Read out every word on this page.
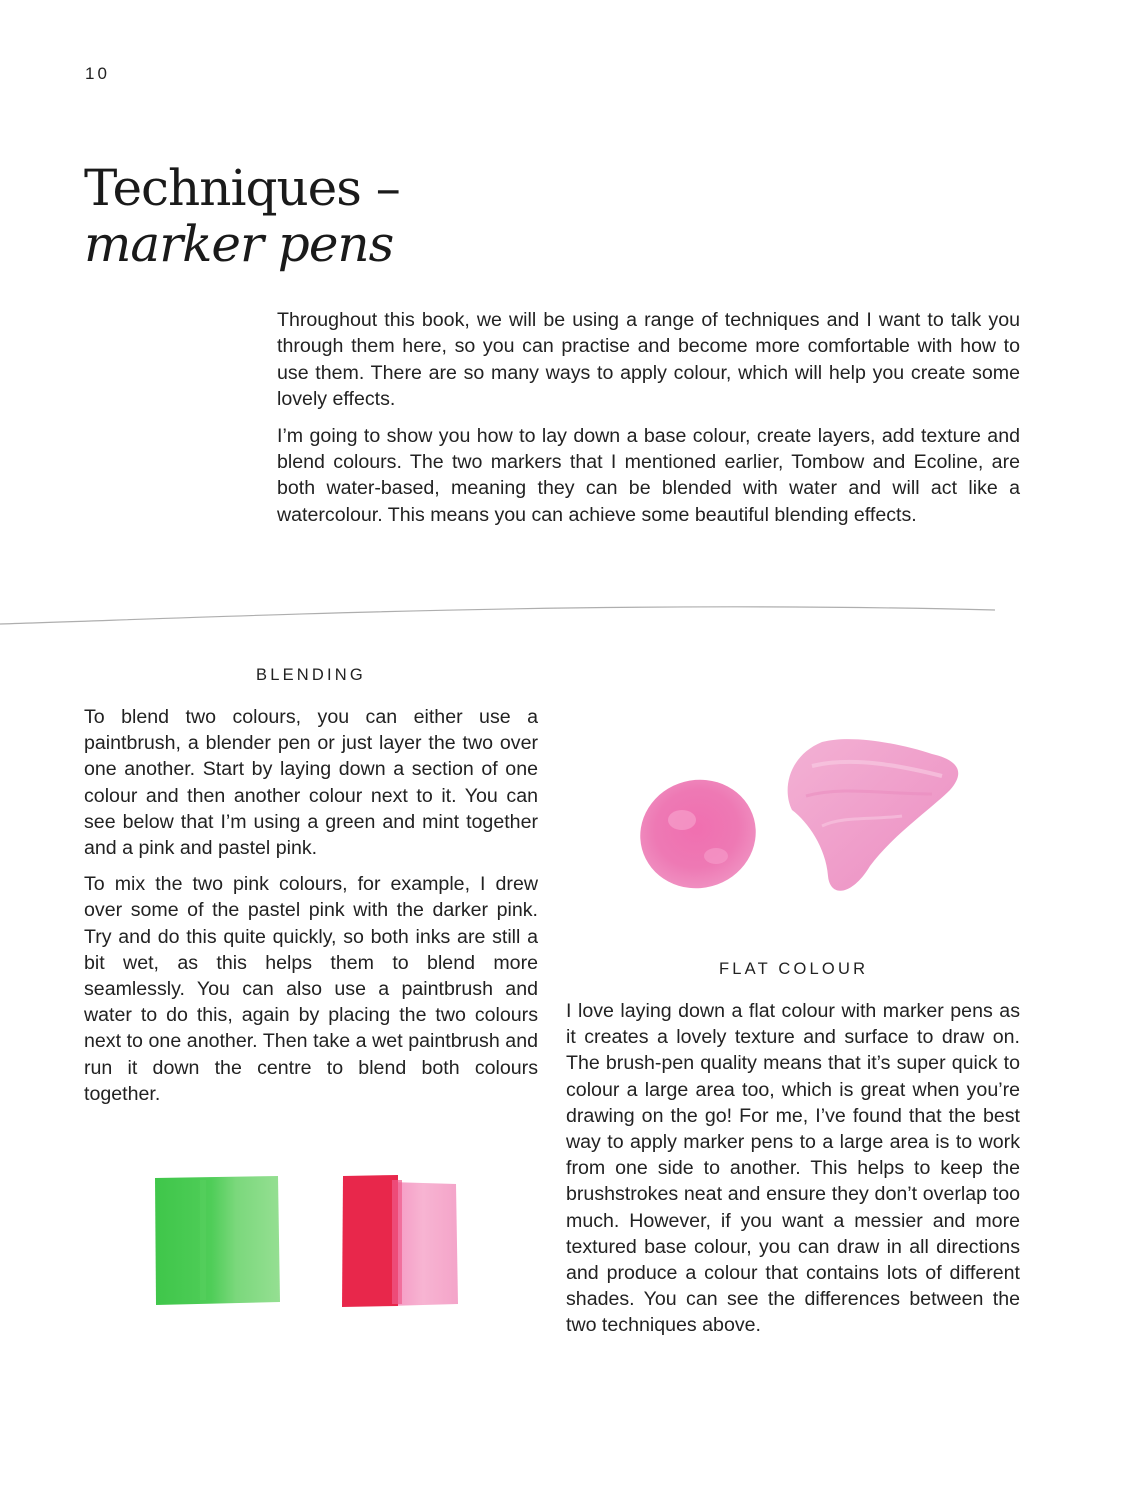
10
Techniques –
marker pens

Throughout this book, we will be using a range of techniques and I want to talk you through them here, so you can practise and become more comfortable with how to use them. There are so many ways to apply colour, which will help you create some lovely effects.

I’m going to show you how to lay down a base colour, create layers, add texture and blend colours. The two markers that I mentioned earlier, Tombow and Ecoline, are both water-based, meaning they can be blended with water and will act like a watercolour. This means you can achieve some beautiful blending effects.

BLENDING

To blend two colours, you can either use a paintbrush, a blender pen or just layer the two over one another. Start by laying down a section of one colour and then another colour next to it. You can see below that I’m using a green and mint together and a pink and pastel pink.

To mix the two pink colours, for example, I drew over some of the pastel pink with the darker pink. Try and do this quite quickly, so both inks are still a bit wet, as this helps them to blend more seamlessly. You can also use a paintbrush and water to do this, again by placing the two colours next to one another. Then take a wet paintbrush and run it down the centre to blend both colours together.

FLAT COLOUR

I love laying down a flat colour with marker pens as it creates a lovely texture and surface to draw on. The brush-pen quality means that it’s super quick to colour a large area too, which is great when you’re drawing on the go! For me, I’ve found that the best way to apply marker pens to a large area is to work from one side to another. This helps to keep the brushstrokes neat and ensure they don’t overlap too much. However, if you want a messier and more textured base colour, you can draw in all directions and produce a colour that contains lots of different shades. You can see the differences between the two techniques above.
